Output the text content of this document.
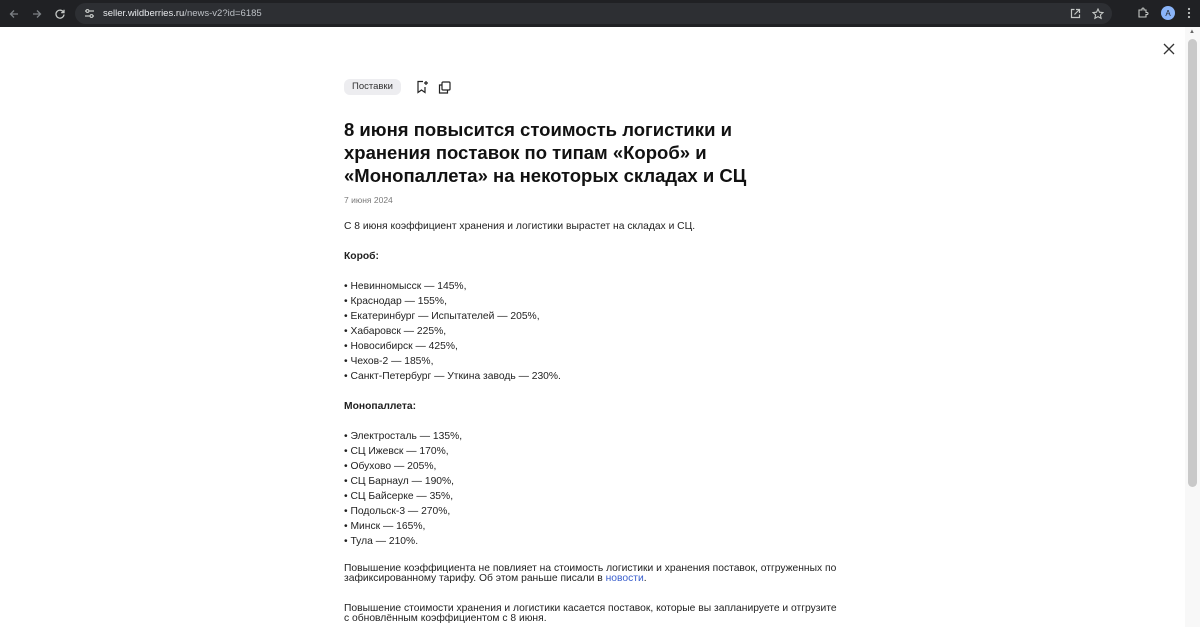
seller.wildberries.ru/news-v2?id=6185	A
Поставки
8 июня повысится стоимость логистики и хранения поставок по типам «Короб» и «Монопаллета» на некоторых складах и СЦ
7 июня 2024
С 8 июня коэффициент хранения и логистики вырастет на складах и СЦ.
Короб:
• Невинномысск — 145%,
• Краснодар — 155%,
• Екатеринбург — Испытателей — 205%,
• Хабаровск — 225%,
• Новосибирск — 425%,
• Чехов-2 — 185%,
• Санкт-Петербург — Уткина заводь — 230%.
Монопаллета:
• Электросталь — 135%,
• СЦ Ижевск — 170%,
• Обухово — 205%,
• СЦ Барнаул — 190%,
• СЦ Байсерке — 35%,
• Подольск-3 — 270%,
• Минск — 165%,
• Тула — 210%.
Повышение коэффициента не повлияет на стоимость логистики и хранения поставок, отгруженных по зафиксированному тарифу. Об этом раньше писали в новости.
Повышение стоимости хранения и логистики касается поставок, которые вы запланируете и отгрузите с обновлённым коэффициентом с 8 июня.
▲
